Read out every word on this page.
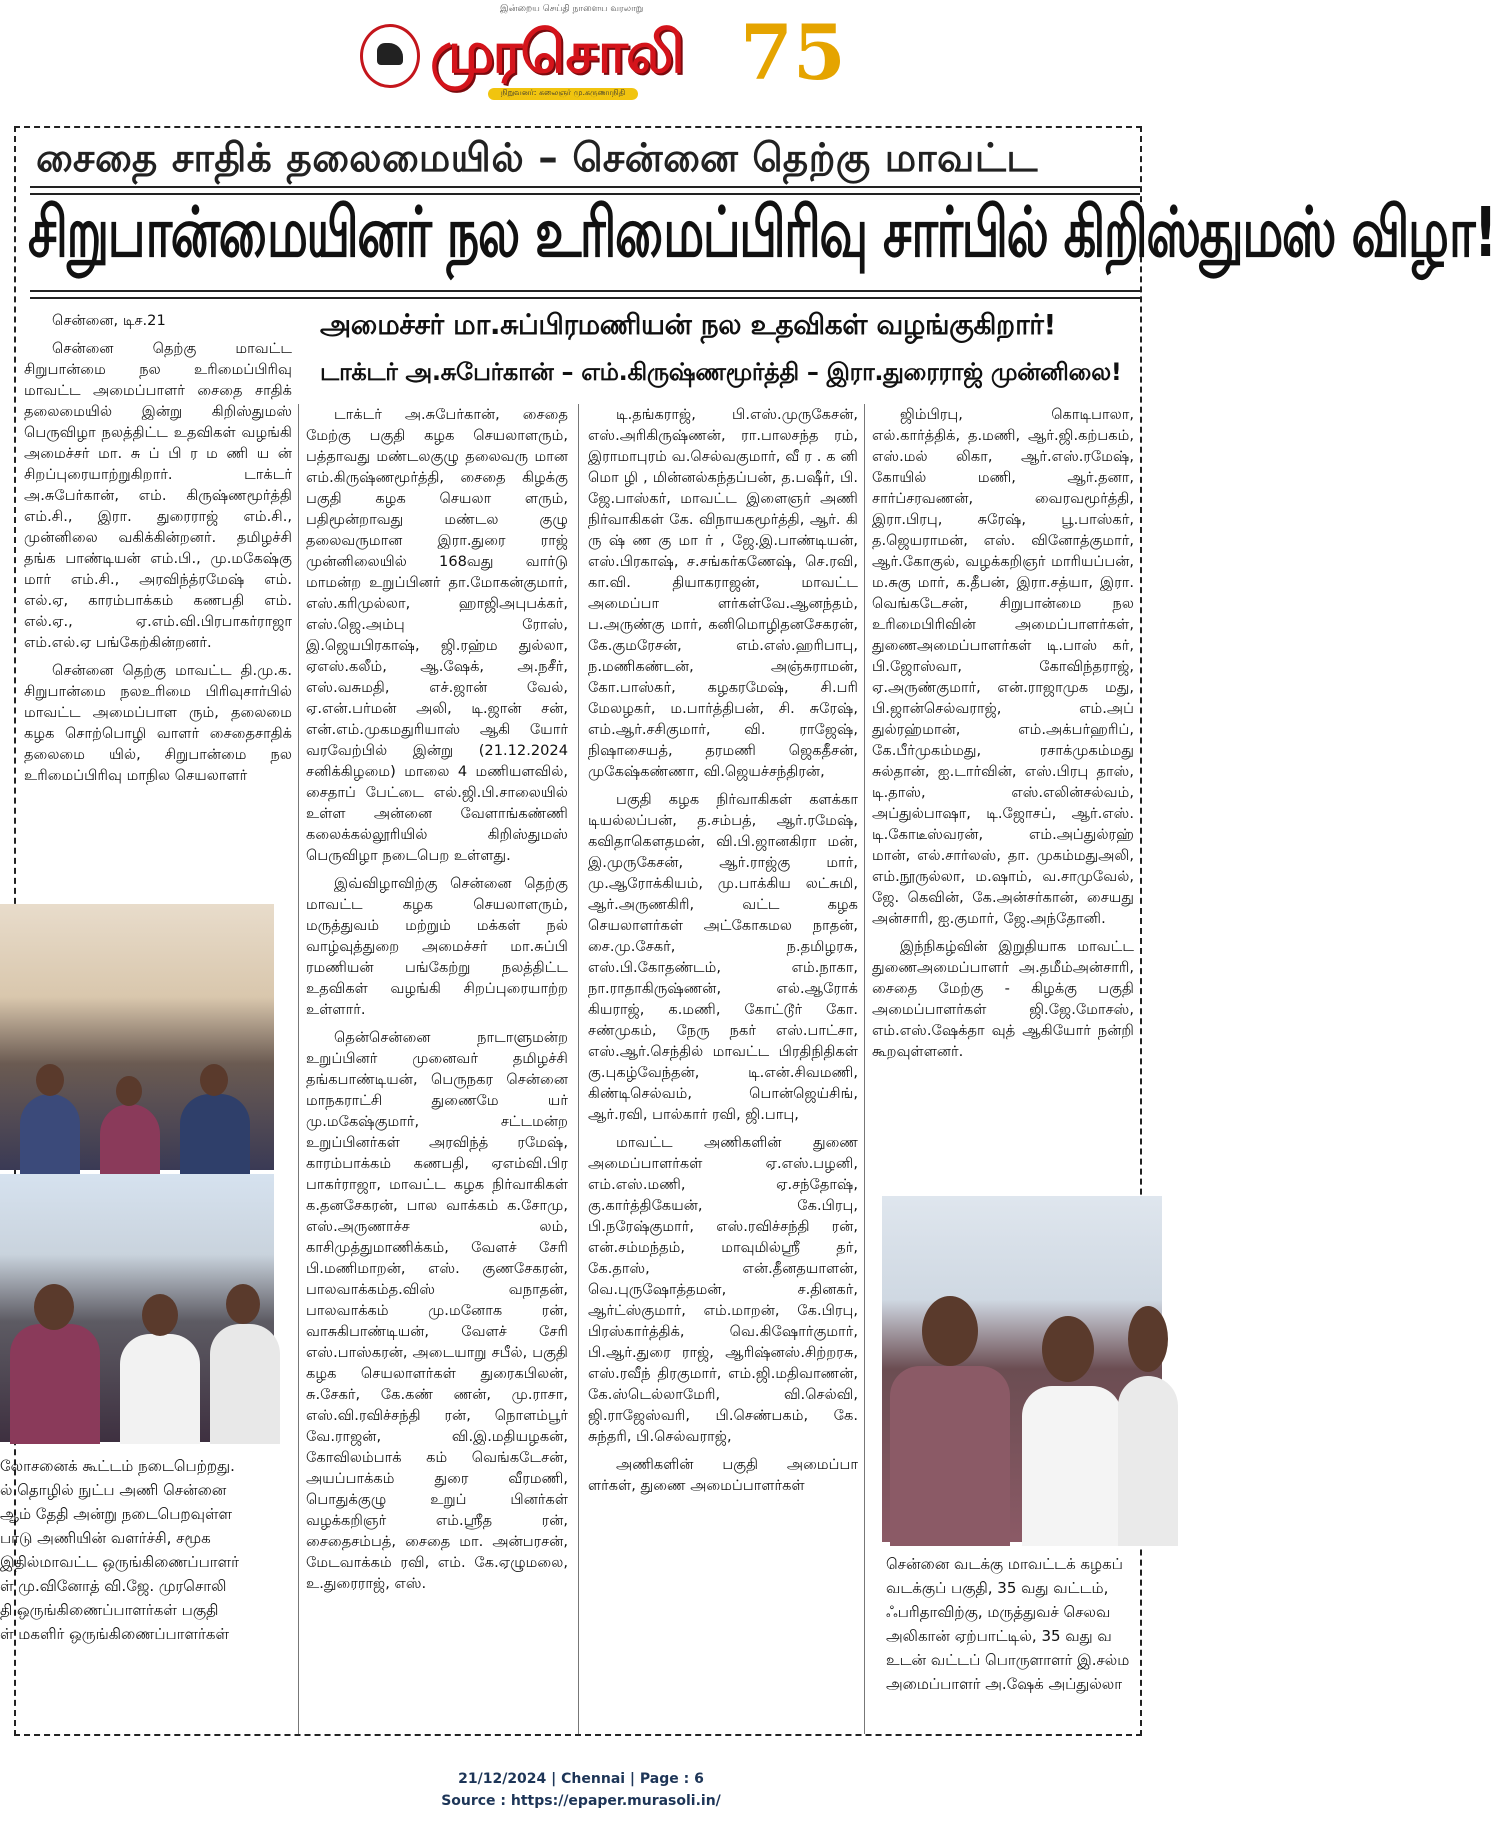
இன்றைய செய்தி நாளைய வரலாறு
முரசொலி
நிறுவனர்: கலைஞர் மு.கருணாநிதி 75
சைதை சாதிக் தலைமையில் – சென்னை தெற்கு மாவட்ட
சிறுபான்மையினர் நல உரிமைப்பிரிவு சார்பில் கிறிஸ்துமஸ் விழா!
அமைச்சர் மா.சுப்பிரமணியன் நல உதவிகள் வழங்குகிறார்!
டாக்டர் அ.சுபேர்கான் – எம்.கிருஷ்ணமூர்த்தி – இரா.துரைராஜ் முன்னிலை!

சென்னை, டிச.21

சென்னை தெற்கு மாவட்ட சிறுபான்மை நல உரிமைப்பிரிவு மாவட்ட அமைப்பாளர் சைதை சாதிக் தலைமையில் இன்று கிறிஸ்துமஸ் பெருவிழா நலத்திட்ட உதவிகள் வழங்கி அமைச்சர் மா. சு ப் பி ர ம ணி ய ன் சிறப்புரையாற்றுகிறார். டாக்டர் அ.சுபேர்கான், எம். கிருஷ்ணமூர்த்தி எம்.சி., இரா. துரைராஜ் எம்.சி., முன்னிலை வகிக்கின்றனர். தமிழச்சி தங்க பாண்டியன் எம்.பி., மு.மகேஷ்கு மார் எம்.சி., அரவிந்த்ரமேஷ் எம். எல்.ஏ, காரம்பாக்கம் கணபதி எம். எல்.ஏ., ஏ.எம்.வி.பிரபாகர்ராஜா எம்.எல்.ஏ பங்கேற்கின்றனர்.

சென்னை தெற்கு மாவட்ட தி.மு.க. சிறுபான்மை நலஉரிமை பிரிவுசார்பில் மாவட்ட அமைப்பாள ரும், தலைமை கழக சொற்பொழி வாளர் சைதைசாதிக் தலைமை யில், சிறுபான்மை நல உரிமைப்பிரிவு மாநில செயலாளர்

டாக்டர் அ.சுபேர்கான், சைதை மேற்கு பகுதி கழக செயலாளரும், பத்தாவது மண்டலகுழு தலைவரு மான எம்.கிருஷ்ணமூர்த்தி, சைதை கிழக்கு பகுதி கழக செயலா ளரும், பதிமூன்றாவது மண்டல குழு தலைவருமான இரா.துரை ராஜ் முன்னிலையில் 168வது வார்டு மாமன்ற உறுப்பினர் தா.மோகன்குமார், எஸ்.கரிமுல்லா, ஹாஜிஅபுபக்கர், எஸ்.ஜெ.அம்பு ரோஸ், இ.ஜெயபிரகாஷ், ஜி.ரஹ்ம துல்லா, ஏஎஸ்.கலீம், ஆ.ஷேக், அ.நசீர், எஸ்.வசுமதி, எச்.ஜான் வேல், ஏ.என்.பர்மன் அலி, டி.ஜான் சன், என்.எம்.முகமதுரியாஸ் ஆகி யோர் வரவேற்பில் இன்று (21.12.2024 சனிக்கிழமை) மாலை 4 மணியளவில், சைதாப் பேட்டை எல்.ஜி.பி.சாலையில் உள்ள அன்னை வேளாங்கண்ணி கலைக்கல்லூரியில் கிறிஸ்துமஸ் பெருவிழா நடைபெற உள்ளது.

இவ்விழாவிற்கு சென்னை தெற்கு மாவட்ட கழக செயலாளரும், மருத்துவம் மற்றும் மக்கள் நல் வாழ்வுத்துறை அமைச்சர் மா.சுப்பி ரமணியன் பங்கேற்று நலத்திட்ட உதவிகள் வழங்கி சிறப்புரையாற்ற உள்ளார்.

தென்சென்னை நாடாளுமன்ற உறுப்பினர் முனைவர் தமிழச்சி தங்கபாண்டியன், பெருநகர சென்னை மாநகராட்சி துணைமே யர் மு.மகேஷ்குமார், சட்டமன்ற உறுப்பினர்கள் அரவிந்த் ரமேஷ், காரம்பாக்கம் கணபதி, ஏஎம்வி.பிர பாகர்ராஜா, மாவட்ட கழக நிர்வாகிகள் க.தனசேகரன், பால வாக்கம் க.சோமு, எஸ்.அருணாச்ச லம், காசிமுத்துமாணிக்கம், வேளச் சேரி பி.மணிமாறன், எஸ். குணசேகரன், பாலவாக்கம்த.விஸ் வநாதன், பாலவாக்கம் மு.மனோக ரன், வாசுகிபாண்டியன், வேளச் சேரி எஸ்.பாஸ்கரன், அடையாறு சபீல், பகுதி கழக செயலாளர்கள் துரைகபிலன், சு.சேகர், கே.கண் ணன், மு.ராசா, எஸ்.வி.ரவிச்சந்தி ரன், நொளம்பூர் வே.ராஜன், வி.இ.மதியழகன், கோவிலம்பாக் கம் வெங்கடேசன், அயப்பாக்கம் துரை வீரமணி, பொதுக்குழு உறுப் பினர்கள் வழக்கறிஞர் எம்.ஸ்ரீத ரன், சைதைசம்பத், சைதை மா. அன்பரசன், மேடவாக்கம் ரவி, எம். கே.ஏழுமலை, உ.துரைராஜ், எஸ்.

டி.தங்கராஜ், பி.எஸ்.முருகேசன், எஸ்.அரிகிருஷ்ணன், ரா.பாலசந்த ரம், இராமாபுரம் வ.செல்வகுமார், வீ ர . க னி மொ ழி , மின்னல்கந்தப்பன், த.பஷீர், பி. ஜே.பாஸ்கர், மாவட்ட இளைஞர் அணி நிர்வாகிகள் கே. விநாயகமூர்த்தி, ஆர். கி ரு ஷ் ண கு மா ர் , ஜே.இ.பாண்டியன், எஸ்.பிரகாஷ், ச.சங்கர்கணேஷ், செ.ரவி, கா.வி. தியாகராஜன், மாவட்ட அமைப்பா ளர்கள்வே.ஆனந்தம், ப.அருண்கு மார், கனிமொழிதனசேகரன், கே.குமரேசன், எம்.எஸ்.ஹரிபாபு, ந.மணிகண்டன், அஞ்சுராமன், கோ.பாஸ்கர், கழகரமேஷ், சி.பரி மேலழகர், ம.பார்த்திபன், சி. சுரேஷ், எம்.ஆர்.சசிகுமார், வி. ராஜேஷ், நிஷாசையத், தரமணி ஜெகதீசன், முகேஷ்கண்ணா, வி.ஜெயச்சந்திரன்,

பகுதி கழக நிர்வாகிகள் களக்கா டியல்லப்பன், த.சம்பத், ஆர்.ரமேஷ், கவிதாகௌதமன், வி.பி.ஜானகிரா மன், இ.முருகேசன், ஆர்.ராஜ்கு மார், மு.ஆரோக்கியம், மு.பாக்கிய லட்சுமி, ஆர்.அருணகிரி, வட்ட கழக செயலாளர்கள் அட்கோகமல நாதன், சை.மு.சேகர், ந.தமிழரசு, எஸ்.பி.கோதண்டம், எம்.நாகா, நா.ராதாகிருஷ்ணன், எல்.ஆரோக் கியராஜ், க.மணி, கோட்டூர் கோ. சண்முகம், நேரு நகர் எஸ்.பாட்சா, எஸ்.ஆர்.செந்தில் மாவட்ட பிரதிநிதிகள் கு.புகழ்வேந்தன், டி.என்.சிவமணி, கிண்டிசெல்வம், பொன்ஜெய்சிங், ஆர்.ரவி, பால்கார் ரவி, ஜி.பாபு,

மாவட்ட அணிகளின் துணை அமைப்பாளர்கள் ஏ.எஸ்.பழனி, எம்.எஸ்.மணி, ஏ.சந்தோஷ், கு.கார்த்திகேயன், கே.பிரபு, பி.நரேஷ்குமார், எஸ்.ரவிச்சந்தி ரன், என்.சம்மந்தம், மாவுமில்ஸ்ரீ தர், கே.தாஸ், என்.தீனதயாளன், வெ.புருஷோத்தமன், ச.தினகர், ஆர்ட்ஸ்குமார், எம்.மாறன், கே.பிரபு, பிரஸ்கார்த்திக், வெ.கிஷோர்குமார், பி.ஆர்.துரை ராஜ், ஆரிஷ்னஸ்.சிற்றரசு, எஸ்.ரவீந் திரகுமார், எம்.ஜி.மதிவாணன், கே.ஸ்டெல்லாமேரி, வி.செல்வி, ஜி.ராஜேஸ்வரி, பி.செண்பகம், கே. சுந்தரி, பி.செல்வராஜ்,

அணிகளின் பகுதி அமைப்பா ளர்கள், துணை அமைப்பாளர்கள்

ஜிம்பிரபு, கொடிபாலா, எல்.கார்த்திக், த.மணி, ஆர்.ஜி.கற்பகம், எஸ்.மல் லிகா, ஆர்.எஸ்.ரமேஷ், கோயில் மணி, ஆர்.தனா, சார்ப்சரவணன், வைரவமூர்த்தி, இரா.பிரபு, சுரேஷ், பூ.பாஸ்கர், த.ஜெயராமன், எஸ். வினோத்குமார், ஆர்.கோகுல், வழக்கறிஞர் மாரியப்பன், ம.சுகு மார், க.தீபன், இரா.சத்யா, இரா. வெங்கடேசன், சிறுபான்மை நல உரிமைபிரிவின் அமைப்பாளர்கள், துணைஅமைப்பாளர்கள் டி.பாஸ் கர், பி.ஜோஸ்வா, கோவிந்தராஜ், ஏ.அருண்குமார், என்.ராஜாமுக மது, பி.ஜான்செல்வராஜ், எம்.அப் துல்ரஹ்மான், எம்.அக்பர்ஹரிப், கே.பீர்முகம்மது, ரசாக்முகம்மது சுல்தான், ஐ.டார்வின், எஸ்.பிரபு தாஸ், டி.தாஸ், எஸ்.எலின்சல்வம், அப்துல்பாஷா, டி.ஜோசப், ஆர்.எஸ். டி.கோடீஸ்வரன், எம்.அப்துல்ரஹ் மான், எல்.சார்லஸ், தா. முகம்மதுஅலி, எம்.நூருல்லா, ம.ஷாம், வ.சாமுவேல், ஜே. கெவின், கே.அன்சர்கான், சையது அன்சாரி, ஐ.குமார், ஜே.அந்தோனி.

இந்நிகழ்வின் இறுதியாக மாவட்ட துணைஅமைப்பாளர் அ.தமீம்அன்சாரி, சைதை மேற்கு - கிழக்கு பகுதி அமைப்பாளர்கள் ஜி.ஜே.மோசஸ், எம்.எஸ்.ஷேக்தா வுத் ஆகியோர் நன்றி கூறவுள்ளனர்.

லோசனைக் கூட்டம் நடைபெற்றது.
ல் தொழில் நுட்ப அணி சென்னை
ஆம் தேதி அன்று நடைபெறவுள்ள
பாடு அணியின் வளர்ச்சி, சமூக
இதில்மாவட்ட ஒருங்கிணைப்பாளர்
ள் மு.வினோத் வி.ஜே. முரசொலி
தி ஒருங்கிணைப்பாளர்கள் பகுதி
ள் மகளிர் ஒருங்கிணைப்பாளர்கள்
சென்னை வடக்கு மாவட்டக் கழகப்
வடக்குப் பகுதி, 35 வது வட்டம்,
ஃபரிதாவிற்கு, மருத்துவச் செலவ
அலிகான் ஏற்பாட்டில், 35 வது வ
உடன் வட்டப் பொருளாளர் இ.சல்ம
அமைப்பாளர் அ.ஷேக் அப்துல்லா
21/12/2024 | Chennai | Page : 6
Source : https://epaper.murasoli.in/
